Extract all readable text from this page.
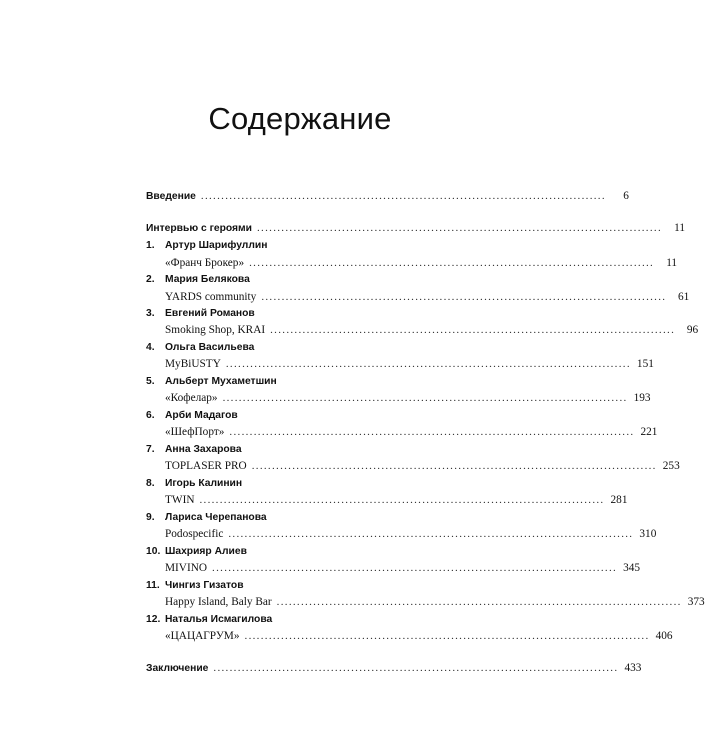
Содержание
Введение ....................................................................................................	6
Интервью с героями ....................................................................................................	11
1.	Артур Шарифуллин
«Франч Брокер» ....................................................................................................	11
2.	Мария Белякова
YARDS community ....................................................................................................	61
3.	Евгений Романов
Smoking Shop, KRAI ....................................................................................................	96
4.	Ольга Васильева
MyBiUSTY .................................................................................................... 151
5.	Альберт Мухаметшин
«Кофелар» .................................................................................................... 193
6.	Арби Мадагов
«ШефПорт» .................................................................................................... 221
7.	Анна Захарова
TOPLASER PRO .................................................................................................... 253
8.	Игорь Калинин
TWIN .................................................................................................... 281
9.	Лариса Черепанова
Podospecific .................................................................................................... 310
10. Шахрияр Алиев
MIVINO .................................................................................................... 345
11. Чингиз Гизатов
Happy Island, Baly Bar .................................................................................................... 373
12. Наталья Исмагилова
«ЦАЦАГРУМ» .................................................................................................... 406
Заключение .................................................................................................... 433
